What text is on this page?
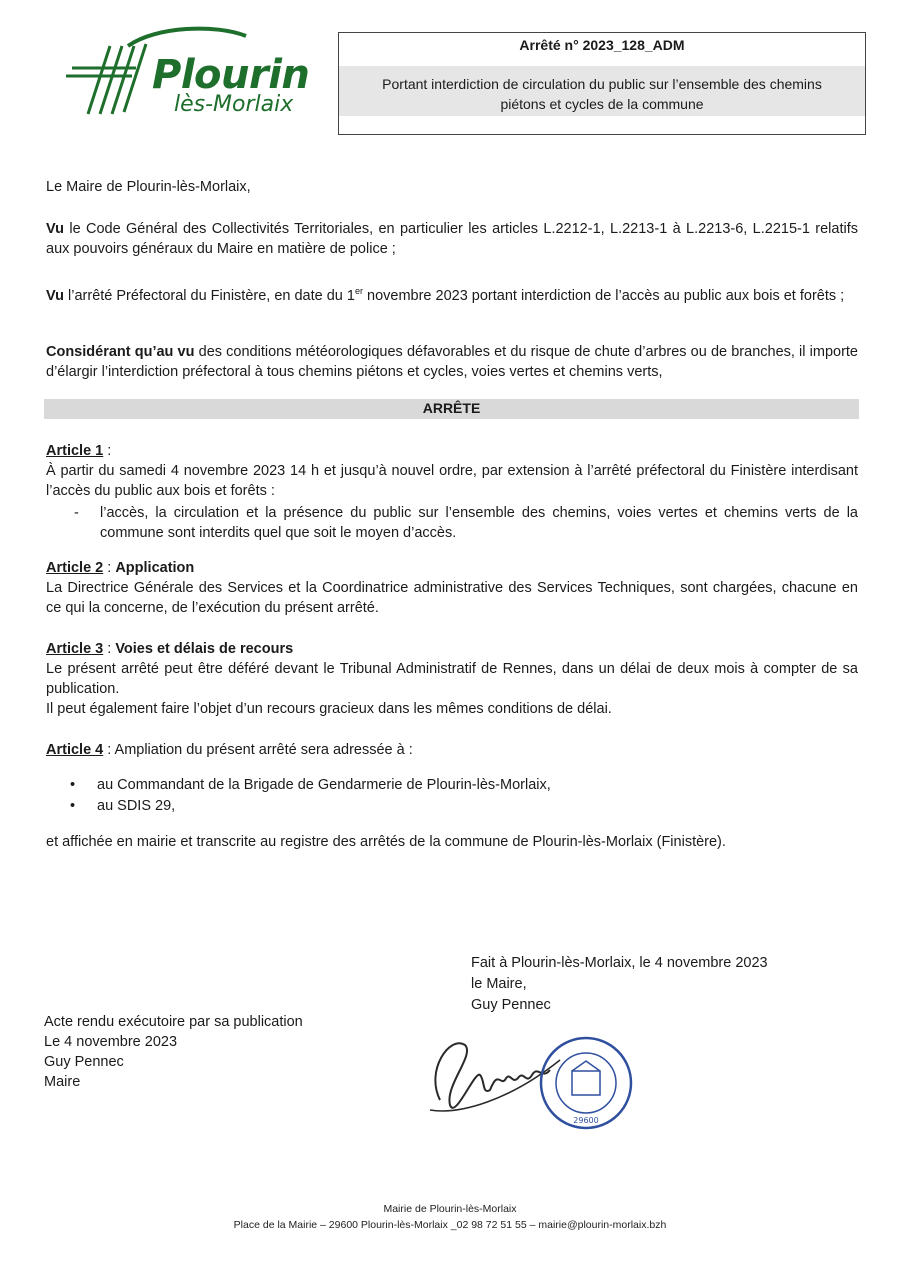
Plourin
lès-Morlaix
Arrêté n° 2023_128_ADM
Portant interdiction de circulation du public sur l’ensemble des chemins
piétons et cycles de la commune
Le Maire de Plourin-lès-Morlaix,
Vu le Code Général des Collectivités Territoriales, en particulier les articles L.2212-1, L.2213-1 à L.2213-6, L.2215-1 relatifs aux pouvoirs généraux du Maire en matière de police ;
Vu l’arrêté Préfectoral du Finistère, en date du 1er novembre 2023 portant interdiction de l’accès au public aux bois et forêts ;
Considérant qu’au vu des conditions météorologiques défavorables et du risque de chute d’arbres ou de branches, il importe d’élargir l’interdiction préfectoral à tous chemins piétons et cycles, voies vertes et chemins verts,
ARRÊTE
Article 1 :
À partir du samedi 4 novembre 2023 14 h et jusqu’à nouvel ordre, par extension à l’arrêté préfectoral du Finistère interdisant l’accès du public aux bois et forêts :
- l’accès, la circulation et la présence du public sur l’ensemble des chemins, voies vertes et chemins verts de la commune sont interdits quel que soit le moyen d’accès.
Article 2 : Application
La Directrice Générale des Services et la Coordinatrice administrative des Services Techniques, sont chargées, chacune en ce qui la concerne, de l’exécution du présent arrêté.
Article 3 : Voies et délais de recours
Le présent arrêté peut être déféré devant le Tribunal Administratif de Rennes, dans un délai de deux mois à compter de sa publication.
Il peut également faire l’objet d’un recours gracieux dans les mêmes conditions de délai.
Article 4 : Ampliation du présent arrêté sera adressée à :
• au Commandant de la Brigade de Gendarmerie de Plourin-lès-Morlaix,
• au SDIS 29,
et affichée en mairie et transcrite au registre des arrêtés de la commune de Plourin-lès-Morlaix (Finistère).
Fait à Plourin-lès-Morlaix, le 4 novembre 2023
le Maire,
Guy Pennec
Acte rendu exécutoire par sa publication
Le 4 novembre 2023
Guy Pennec
Maire
29600
Mairie de Plourin-lès-Morlaix
Place de la Mairie – 29600 Plourin-lès-Morlaix _02 98 72 51 55 – mairie@plourin-morlaix.bzh
